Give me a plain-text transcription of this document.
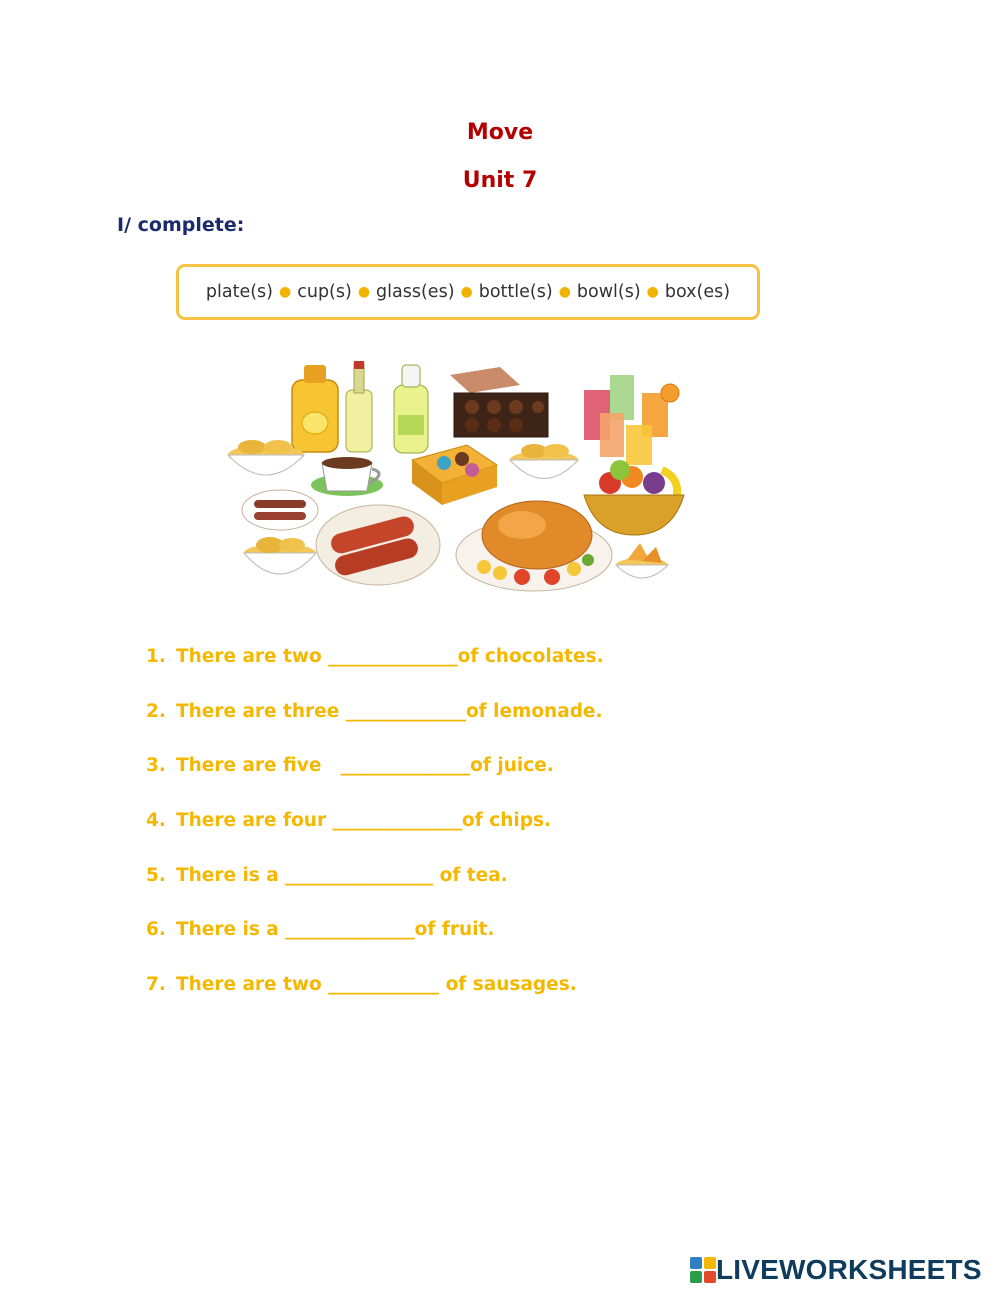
Move
Unit 7
I/ complete:
plate(s) ● cup(s) ● glass(es) ● bottle(s) ● bowl(s) ● box(es)
1. There are two ______________of chocolates.
2. There are three _____________of lemonade.
3. There are five   ______________of juice.
4. There are four ______________of chips.
5. There is a ________________ of tea.
6. There is a ______________of fruit.
7. There are two ____________ of sausages.
LIVEWORKSHEETS
